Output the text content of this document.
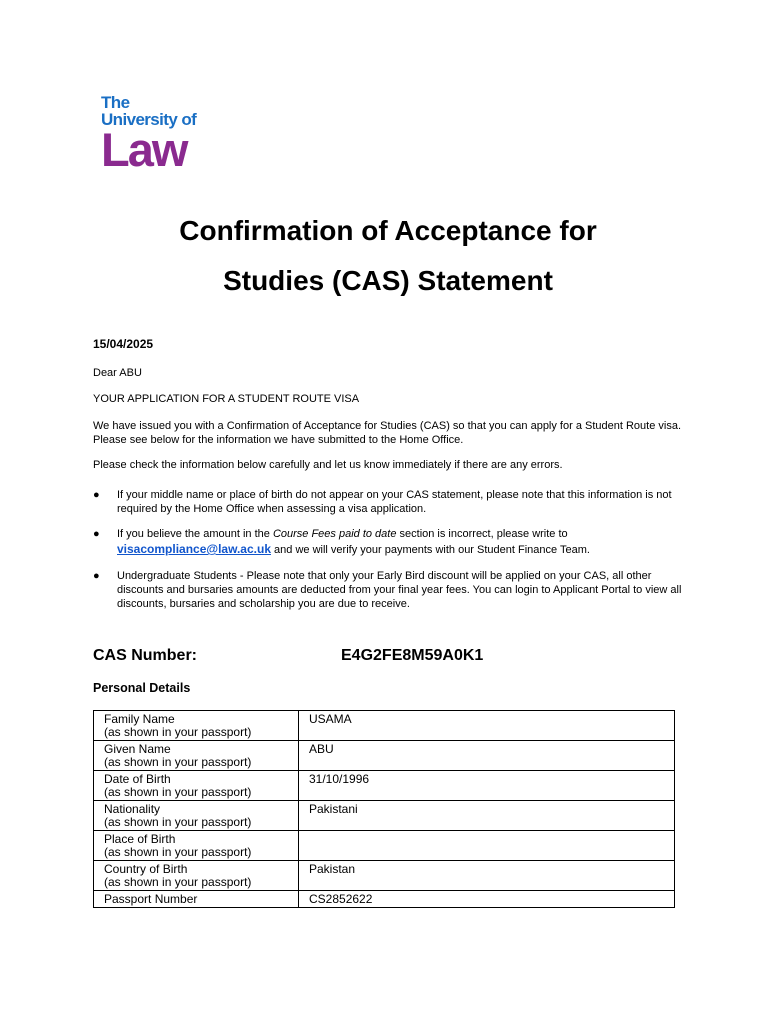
The
University of
Law
Confirmation of Acceptance for
Studies (CAS) Statement
15/04/2025
Dear ABU
YOUR APPLICATION FOR A STUDENT ROUTE VISA
We have issued you with a Confirmation of Acceptance for Studies (CAS) so that you can apply for a Student Route visa. Please see below for the information we have submitted to the Home Office.
Please check the information below carefully and let us know immediately if there are any errors.
● If your middle name or place of birth do not appear on your CAS statement, please note that this information is not required by the Home Office when assessing a visa application.
● If you believe the amount in the Course Fees paid to date section is incorrect, please write to
visacompliance@law.ac.uk and we will verify your payments with our Student Finance Team.
● Undergraduate Students - Please note that only your Early Bird discount will be applied on your CAS, all other discounts and bursaries amounts are deducted from your final year fees. You can login to Applicant Portal to view all discounts, bursaries and scholarship you are due to receive.
CAS Number:	E4G2FE8M59A0K1
Personal Details
Family Name
(as shown in your passport)	USAMA
Given Name
(as shown in your passport)	ABU
Date of Birth
(as shown in your passport)	31/10/1996
Nationality
(as shown in your passport)	Pakistani
Place of Birth
(as shown in your passport)	

Country of Birth
(as shown in your passport)	Pakistan
Passport Number	CS2852622
